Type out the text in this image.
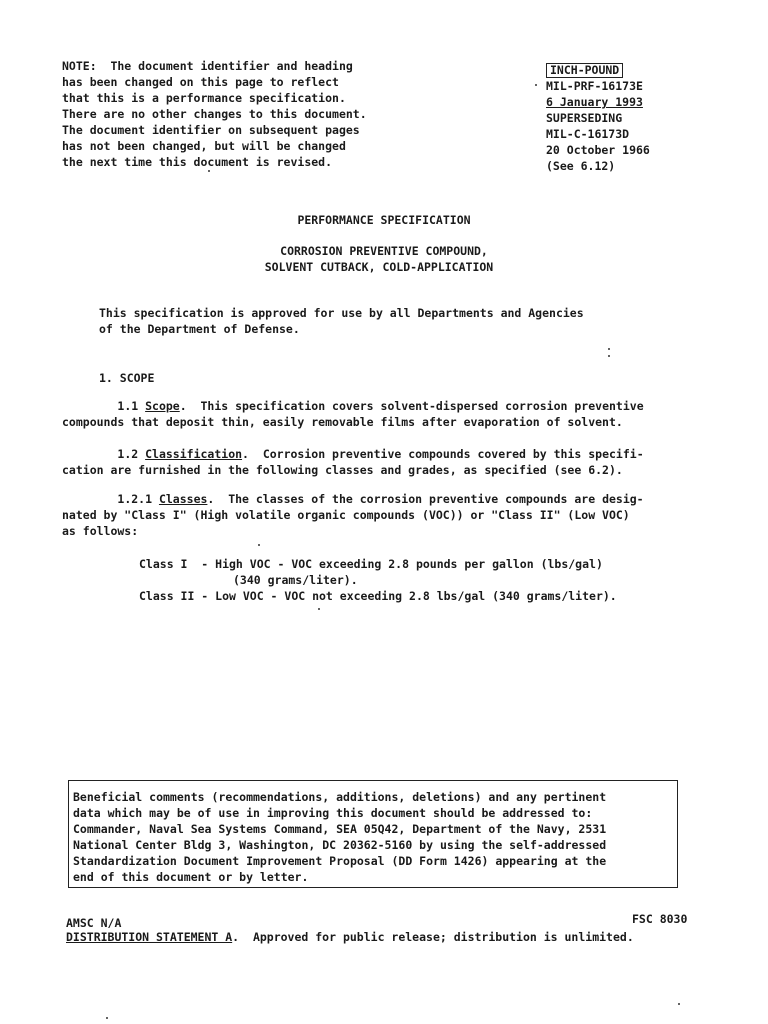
NOTE:  The document identifier and heading
has been changed on this page to reflect
that this is a performance specification.
There are no other changes to this document.
The document identifier on subsequent pages
has not been changed, but will be changed
the next time this document is revised.
INCH-POUND
MIL-PRF-16173E
6 January 1993
SUPERSEDING
MIL-C-16173D
20 October 1966
(See 6.12)
PERFORMANCE SPECIFICATION
CORROSION PREVENTIVE COMPOUND,
SOLVENT CUTBACK, COLD-APPLICATION
This specification is approved for use by all Departments and Agencies
of the Department of Defense.
1. SCOPE
1.1 Scope.  This specification covers solvent-dispersed corrosion preventive
compounds that deposit thin, easily removable films after evaporation of solvent.
1.2 Classification.  Corrosion preventive compounds covered by this specifi-
cation are furnished in the following classes and grades, as specified (see 6.2).
1.2.1 Classes.  The classes of the corrosion preventive compounds are desig-
nated by "Class I" (High volatile organic compounds (VOC)) or "Class II" (Low VOC)
as follows:
Class I  - High VOC - VOC exceeding 2.8 pounds per gallon (lbs/gal)
(340 grams/liter).
Class II - Low VOC - VOC not exceeding 2.8 lbs/gal (340 grams/liter).
Beneficial comments (recommendations, additions, deletions) and any pertinent
data which may be of use in improving this document should be addressed to:
Commander, Naval Sea Systems Command, SEA 05Q42, Department of the Navy, 2531
National Center Bldg 3, Washington, DC 20362-5160 by using the self-addressed
Standardization Document Improvement Proposal (DD Form 1426) appearing at the
end of this document or by letter.
AMSC N/A	FSC 8030
DISTRIBUTION STATEMENT A.  Approved for public release; distribution is unlimited.
